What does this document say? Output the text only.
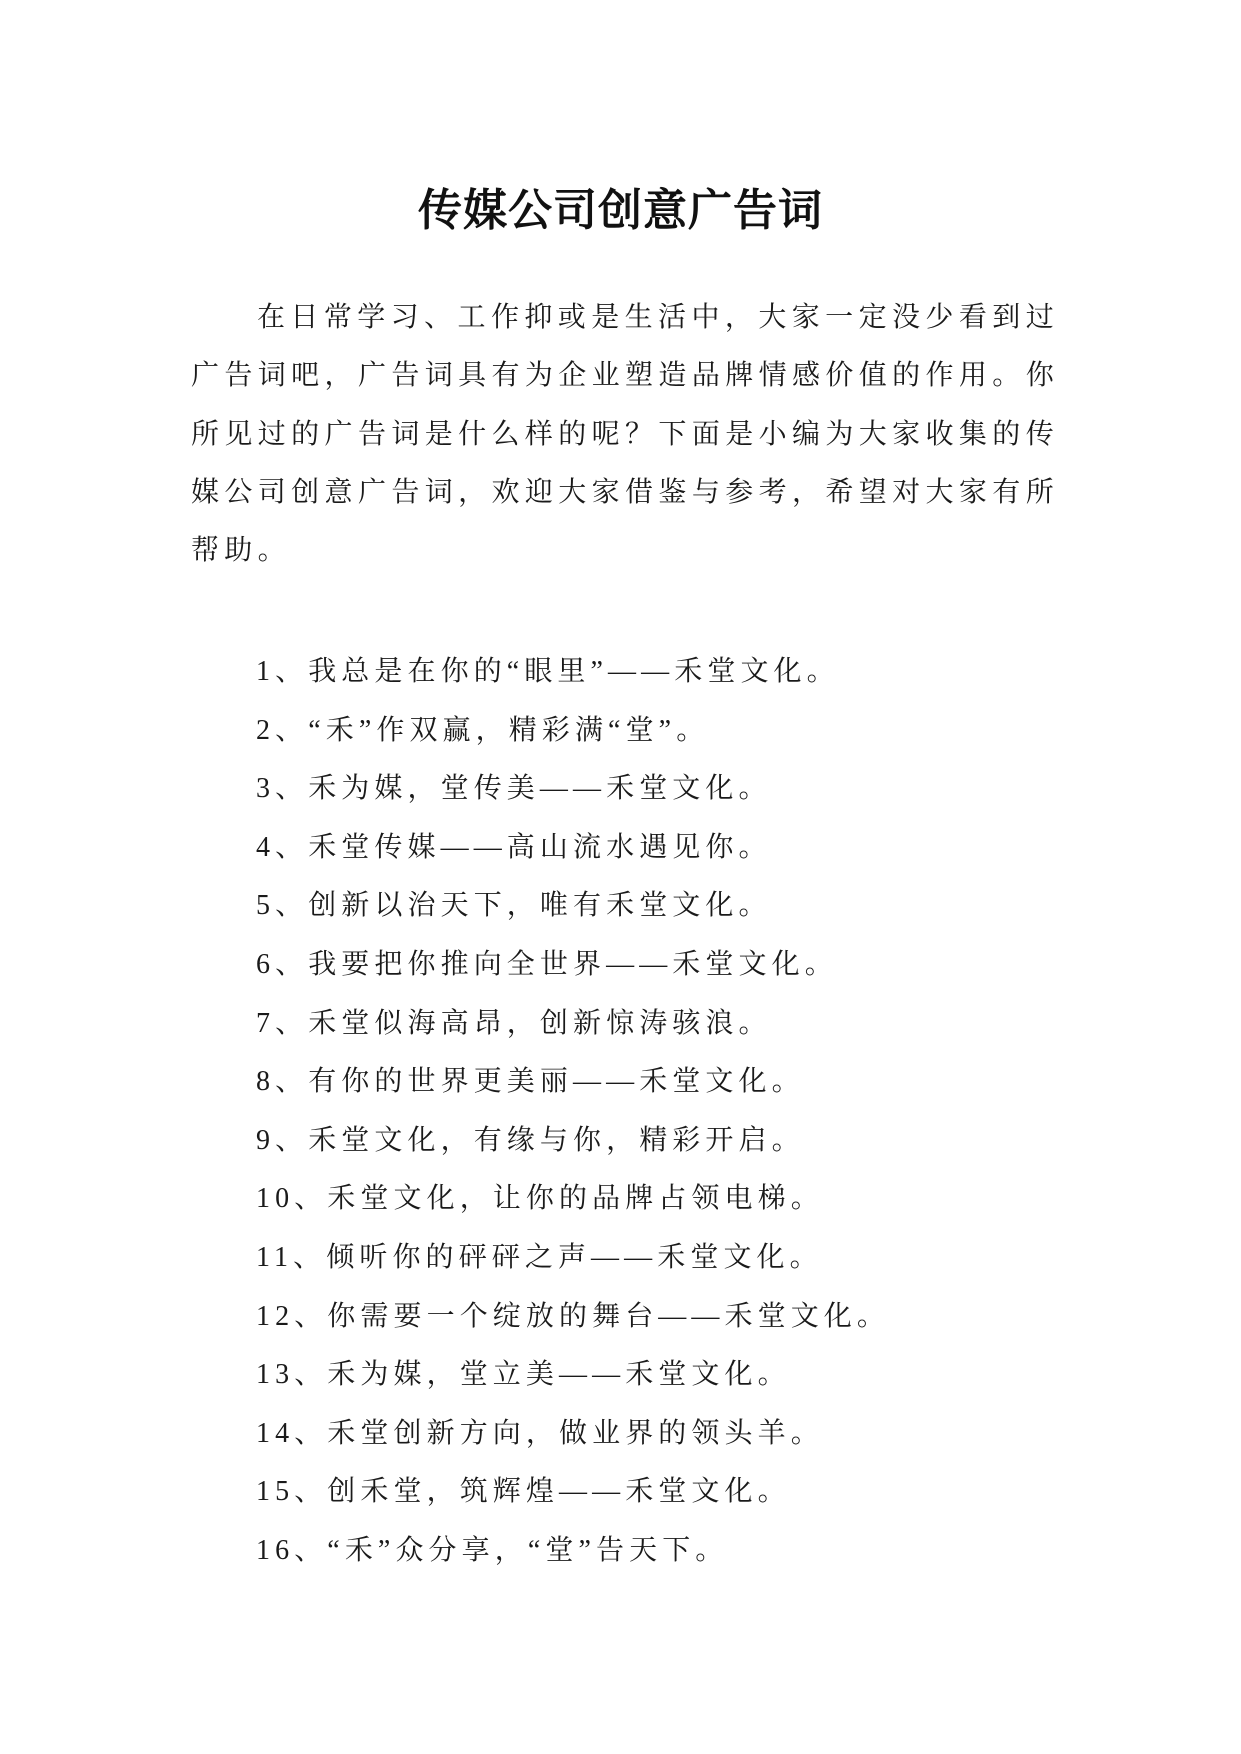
传媒公司创意广告词

在日常学习、工作抑或是生活中，大家一定没少看到过广告词吧，广告词具有为企业塑造品牌情感价值的作用。你所见过的广告词是什么样的呢？下面是小编为大家收集的传媒公司创意广告词，欢迎大家借鉴与参考，希望对大家有所帮助。

1、我总是在你的“眼里”——禾堂文化。
2、“禾”作双赢，精彩满“堂”。
3、禾为媒，堂传美——禾堂文化。
4、禾堂传媒——高山流水遇见你。
5、创新以治天下，唯有禾堂文化。
6、我要把你推向全世界——禾堂文化。
7、禾堂似海高昂，创新惊涛骇浪。
8、有你的世界更美丽——禾堂文化。
9、禾堂文化，有缘与你，精彩开启。
10、禾堂文化，让你的品牌占领电梯。
11、倾听你的砰砰之声——禾堂文化。
12、你需要一个绽放的舞台——禾堂文化。
13、禾为媒，堂立美——禾堂文化。
14、禾堂创新方向，做业界的领头羊。
15、创禾堂，筑辉煌——禾堂文化。
16、“禾”众分享，“堂”告天下。
